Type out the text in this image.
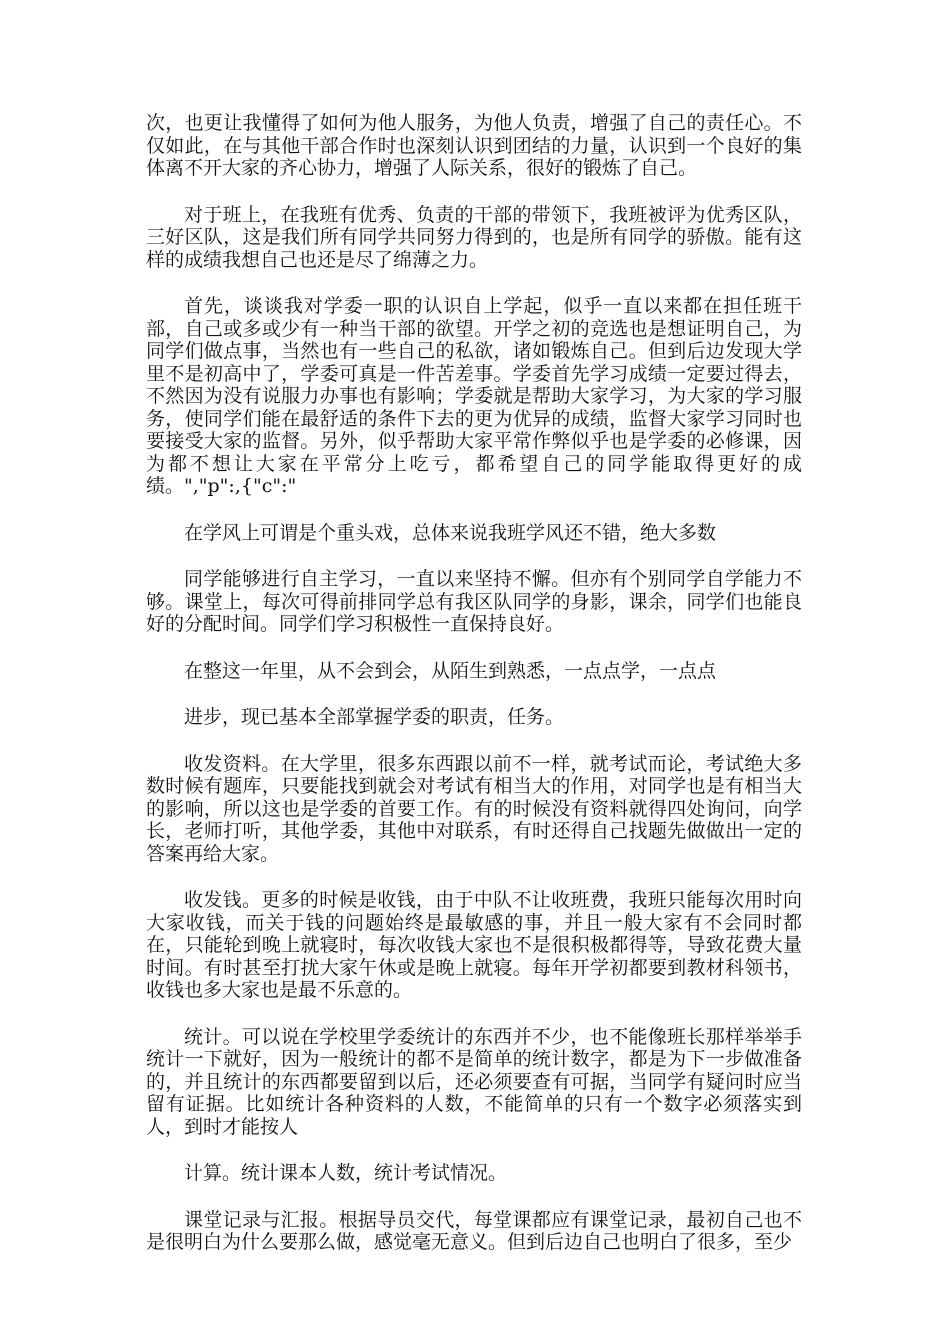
次，也更让我懂得了如何为他人服务，为他人负责，增强了自己的责任心。不仅如此，在与其他干部合作时也深刻认识到团结的力量，认识到一个良好的集体离不开大家的齐心协力，增强了人际关系，很好的锻炼了自己。

对于班上，在我班有优秀、负责的干部的带领下，我班被评为优秀区队，三好区队，这是我们所有同学共同努力得到的，也是所有同学的骄傲。能有这样的成绩我想自己也还是尽了绵薄之力。

首先，谈谈我对学委一职的认识自上学起，似乎一直以来都在担任班干部，自己或多或少有一种当干部的欲望。开学之初的竞选也是想证明自己，为同学们做点事，当然也有一些自己的私欲，诸如锻炼自己。但到后边发现大学里不是初高中了，学委可真是一件苦差事。学委首先学习成绩一定要过得去，不然因为没有说服力办事也有影响；学委就是帮助大家学习，为大家的学习服务，使同学们能在最舒适的条件下去的更为优异的成绩，监督大家学习同时也要接受大家的监督。另外，似乎帮助大家平常作弊似乎也是学委的必修课，因为都不想让大家在平常分上吃亏，都希望自己的同学能取得更好的成绩。","p":,{"c":"

在学风上可谓是个重头戏，总体来说我班学风还不错，绝大多数

同学能够进行自主学习，一直以来坚持不懈。但亦有个别同学自学能力不够。课堂上，每次可得前排同学总有我区队同学的身影，课余，同学们也能良好的分配时间。同学们学习积极性一直保持良好。

在整这一年里，从不会到会，从陌生到熟悉，一点点学，一点点

进步，现已基本全部掌握学委的职责，任务。

收发资料。在大学里，很多东西跟以前不一样，就考试而论，考试绝大多数时候有题库，只要能找到就会对考试有相当大的作用，对同学也是有相当大的影响，所以这也是学委的首要工作。有的时候没有资料就得四处询问，向学长，老师打听，其他学委，其他中对联系，有时还得自己找题先做做出一定的答案再给大家。

收发钱。更多的时候是收钱，由于中队不让收班费，我班只能每次用时向大家收钱，而关于钱的问题始终是最敏感的事，并且一般大家有不会同时都在，只能轮到晚上就寝时，每次收钱大家也不是很积极都得等，导致花费大量时间。有时甚至打扰大家午休或是晚上就寝。每年开学初都要到教材科领书，收钱也多大家也是最不乐意的。

统计。可以说在学校里学委统计的东西并不少，也不能像班长那样举举手统计一下就好，因为一般统计的都不是简单的统计数字，都是为下一步做准备的，并且统计的东西都要留到以后，还必须要查有可据，当同学有疑问时应当留有证据。比如统计各种资料的人数，不能简单的只有一个数字必须落实到人，到时才能按人

计算。统计课本人数，统计考试情况。

课堂记录与汇报。根据导员交代，每堂课都应有课堂记录，最初自己也不是很明白为什么要那么做，感觉毫无意义。但到后边自己也明白了很多，至少
